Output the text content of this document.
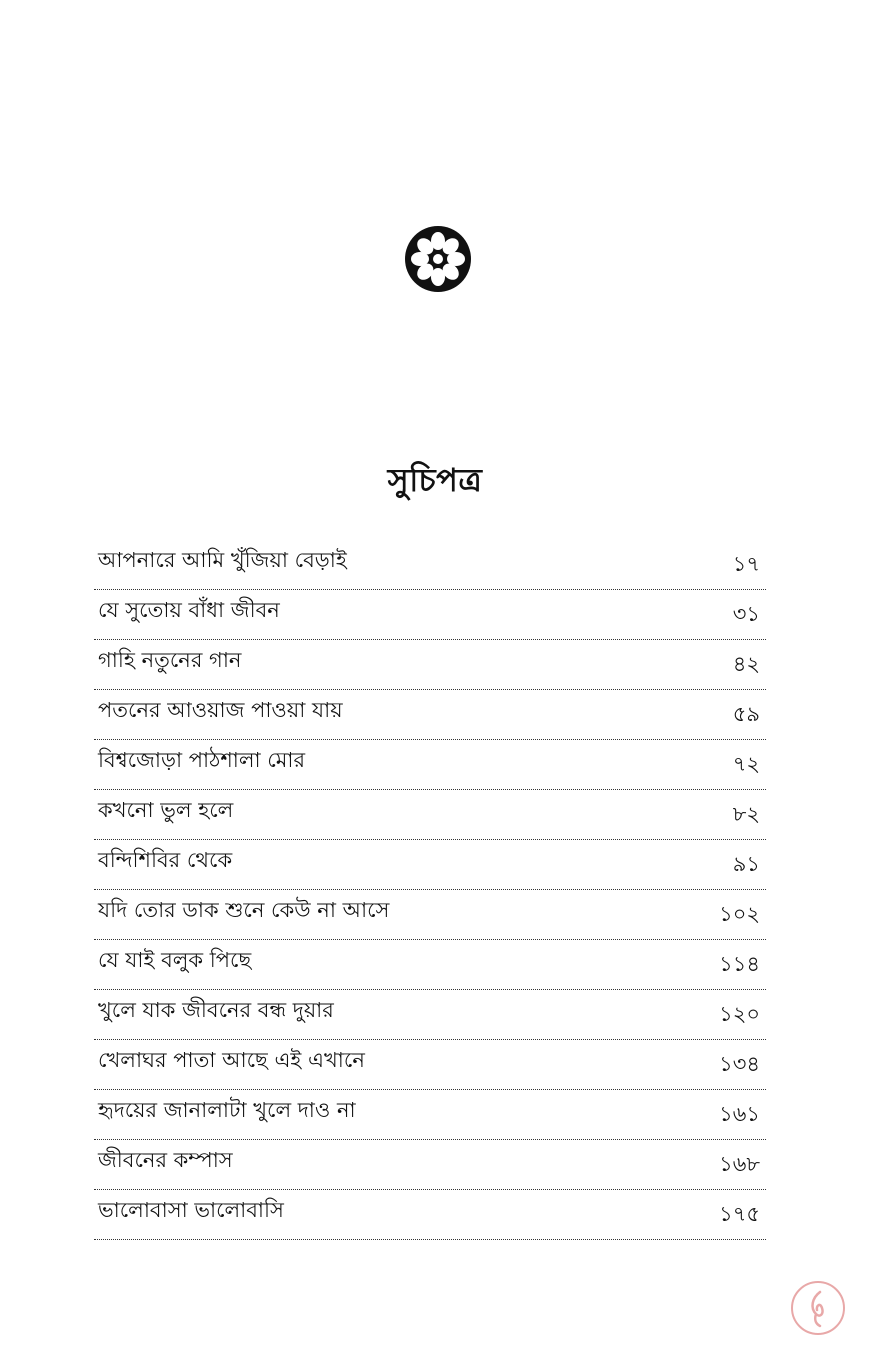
সুচিপত্র
আপনারে আমি খুঁজিয়া বেড়াই	১৭
যে সুতোয় বাঁধা জীবন	৩১
গাহি নতুনের গান	৪২
পতনের আওয়াজ পাওয়া যায়	৫৯
বিশ্বজোড়া পাঠশালা মোর	৭২
কখনো ভুল হলে	৮২
বন্দিশিবির থেকে	৯১
যদি তোর ডাক শুনে কেউ না আসে	১০২
যে যাই বলুক পিছে	১১৪
খুলে যাক জীবনের বন্ধ দুয়ার	১২০
খেলাঘর পাতা আছে এই এখানে	১৩৪
হৃদয়ের জানালাটা খুলে দাও না	১৬১
জীবনের কম্পাস	১৬৮
ভালোবাসা ভালোবাসি	১৭৫
